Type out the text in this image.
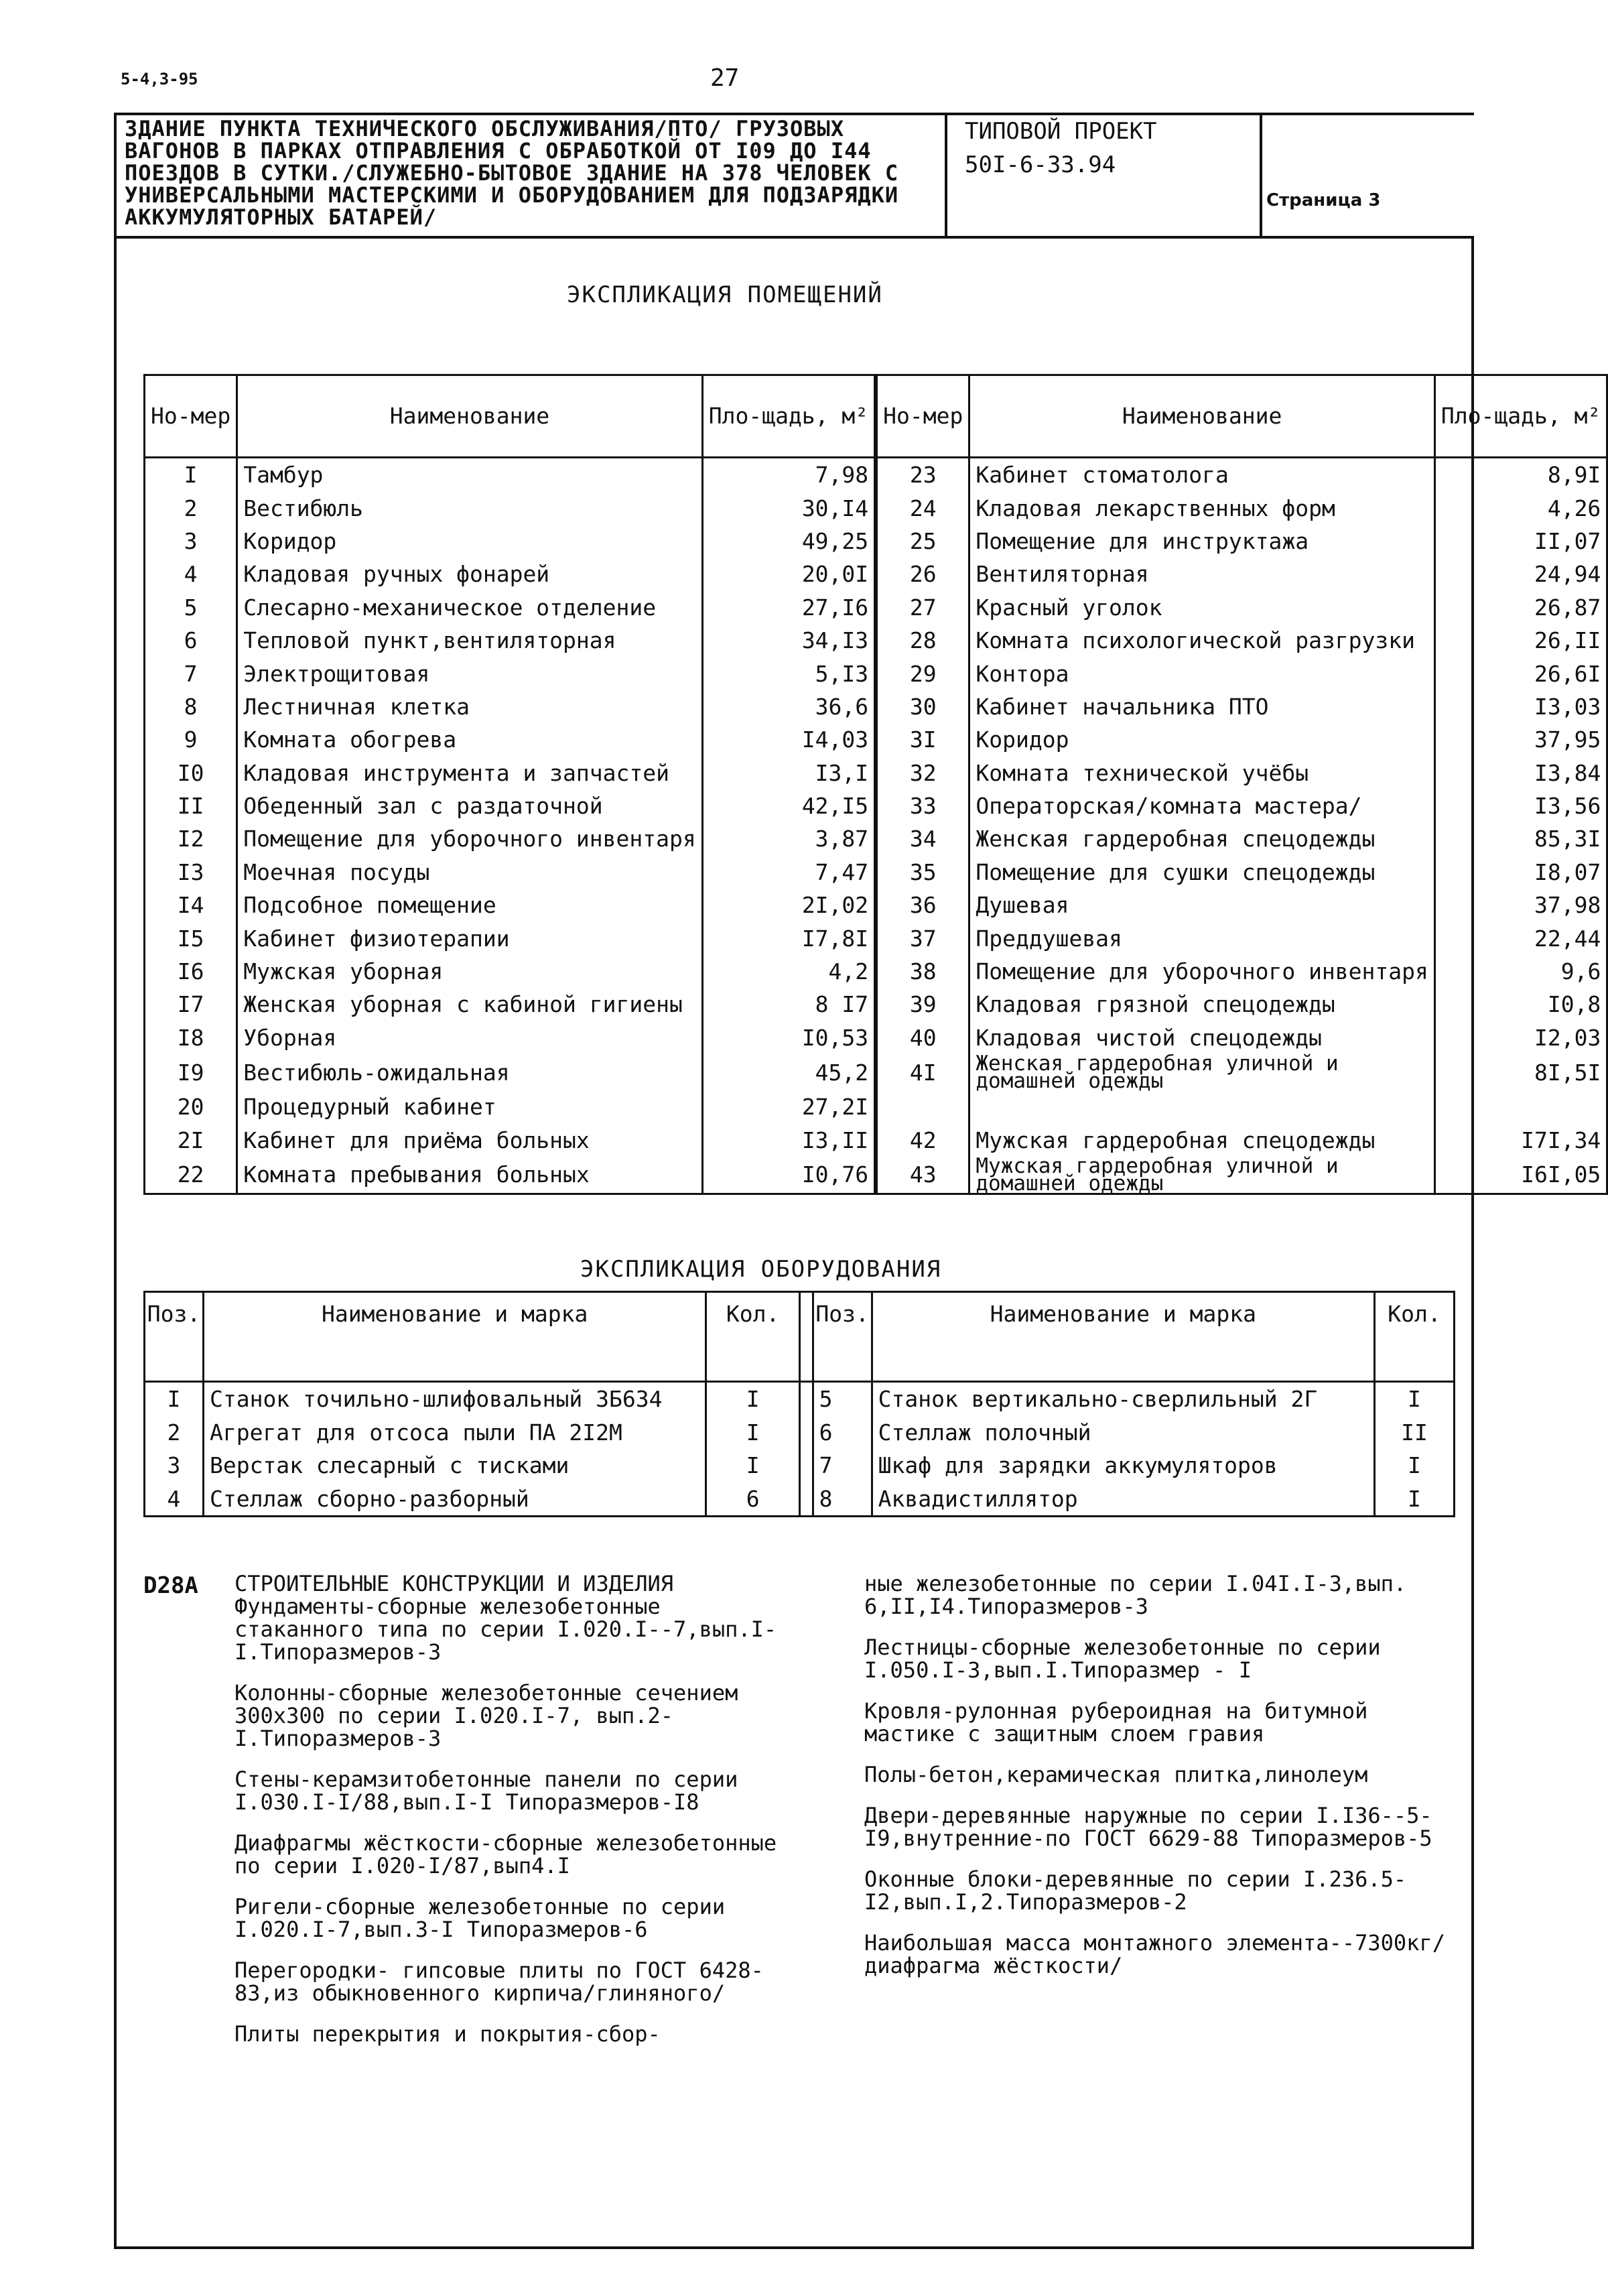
5-4,3-95	27
ЗДАНИЕ ПУНКТА ТЕХНИЧЕСКОГО ОБСЛУЖИВАНИЯ/ПТО/ ГРУЗОВЫХ ВАГОНОВ В ПАРКАХ ОТПРАВЛЕНИЯ С ОБРАБОТКОЙ ОТ I09 ДО I44 ПОЕЗДОВ В СУТКИ./СЛУЖЕБНО-БЫТОВОЕ ЗДАНИЕ НА 378 ЧЕЛОВЕК С УНИВЕРСАЛЬНЫМИ МАСТЕРСКИМИ И ОБОРУДОВАНИЕМ ДЛЯ ПОДЗАРЯДКИ АККУМУЛЯТОРНЫХ БАТАРЕЙ/
ТИПОВОЙ ПРОЕКТ
50I-6-33.94
Страница 3
ЭКСПЛИКАЦИЯ ПОМЕЩЕНИЙ
Но-мер	Наименование	Пло-щадь, м²		Но-мер	Наименование	Пло-щадь, м²
I	Тамбур	7,98		23	Кабинет стоматолога	8,9I
2	Вестибюль	30,I4		24	Кладовая лекарственных форм	4,26
3	Коридор	49,25		25	Помещение для инструктажа	II,07
4	Кладовая ручных фонарей	20,0I		26	Вентиляторная	24,94
5	Слесарно-механическое отделение	27,I6		27	Красный уголок	26,87
6	Тепловой пункт,вентиляторная	34,I3		28	Комната психологической разгрузки	26,II
7	Электрощитовая	5,I3		29	Контора	26,6I
8	Лестничная клетка	36,6		30	Кабинет начальника ПТО	I3,03
9	Комната обогрева	I4,03		3I	Коридор	37,95
I0	Кладовая инструмента и запчастей	I3,I		32	Комната технической учёбы	I3,84
II	Обеденный зал с раздаточной	42,I5		33	Операторская/комната мастера/	I3,56
I2	Помещение для уборочного инвентаря	3,87		34	Женская гардеробная спецодежды	85,3I
I3	Моечная посуды	7,47		35	Помещение для сушки спецодежды	I8,07
I4	Подсобное помещение	2I,02		36	Душевая	37,98
I5	Кабинет физиотерапии	I7,8I		37	Преддушевая	22,44
I6	Мужская уборная	4,2		38	Помещение для уборочного инвентаря	9,6
I7	Женская уборная с кабиной гигиены	8 I7		39	Кладовая грязной спецодежды	I0,8
I8	Уборная	I0,53		40	Кладовая чистой спецодежды	I2,03
I9	Вестибюль-ожидальная	45,2		4I	Женская гардеробная уличной и домашней одежды	8I,5I
20	Процедурный кабинет	27,2I				
2I	Кабинет для приёма больных	I3,II		42	Мужская гардеробная спецодежды	I7I,34
22	Комната пребывания больных	I0,76		43	Мужская гардеробная уличной и домашней одежды	I6I,05
ЭКСПЛИКАЦИЯ ОБОРУДОВАНИЯ
Поз.	Наименование и марка	Кол.		Поз.	Наименование и марка	Кол.
I	Станок точильно-шлифовальный 3Б634	I		5	Станок вертикально-сверлильный 2Г	I
2	Агрегат для отсоса пыли ПА 2I2М	I		6	Стеллаж полочный	II
3	Верстак слесарный с тисками	I		7	Шкаф для зарядки аккумуляторов	I
4	Стеллаж сборно-разборный	6		8	Аквадистиллятор	I
D28A СТРОИТЕЛЬНЫЕ КОНСТРУКЦИИ И ИЗДЕЛИЯ
Фундаменты-сборные железобетонные стаканного типа по серии I.020.I--7,вып.I-I.Типоразмеров-3

Колонны-сборные железобетонные сечением 300х300 по серии I.020.I-7, вып.2-I.Типоразмеров-3

Стены-керамзитобетонные панели по серии I.030.I-I/88,вып.I-I Типоразмеров-I8

Диафрагмы жёсткости-сборные железобетонные по серии I.020-I/87,вып4.I

Ригели-сборные железобетонные по серии I.020.I-7,вып.3-I Типоразмеров-6

Перегородки- гипсовые плиты по ГОСТ 6428-83,из обыкновенного кирпича/глиняного/

Плиты перекрытия и покрытия-сбор-

ные железобетонные по серии I.04I.I-3,вып. 6,II,I4.Типоразмеров-3

Лестницы-сборные железобетонные по серии I.050.I-3,вып.I.Типоразмер - I

Кровля-рулонная рубероидная на битумной мастике с защитным слоем гравия

Полы-бетон,керамическая плитка,линолеум

Двери-деревянные наружные по серии I.I36--5-I9,внутренние-по ГОСТ 6629-88 Типоразмеров-5

Оконные блоки-деревянные по серии I.236.5-I2,вып.I,2.Типоразмеров-2

Наибольшая масса монтажного элемента--7300кг/диафрагма жёсткости/
